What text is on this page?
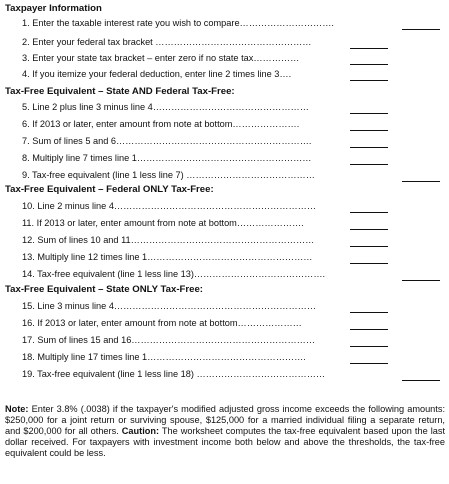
Taxpayer Information
1. Enter the taxable interest rate you wish to compare………………………….
2. Enter your federal tax bracket ……………………………………………
3. Enter your state tax bracket – enter zero if no state tax……………
4. If you itemize your federal deduction, enter line 2 times line 3….
Tax-Free Equivalent – State AND Federal Tax-Free:
5. Line 2 plus line 3 minus line 4……………………………………………
6. If 2013 or later, enter amount from note at bottom………………….
7. Sum of lines 5 and 6……………………………………………………….
8. Multiply line 7 times line 1…………………………………………………
9. Tax-free equivalent (line 1 less line 7) ……………………………………
Tax-Free Equivalent – Federal ONLY Tax-Free:
10. Line 2 minus line 4…………………………………………………………
11. If 2013 or later, enter amount from note at bottom………………….
12. Sum of lines 10 and 11……………………………………………………
13. Multiply line 12 times line 1………………………………………………
14. Tax-free equivalent (line 1 less line 13)…………………………………….
Tax-Free Equivalent – State ONLY Tax-Free:
15. Line 3 minus line 4…………………………………………………………
16. If 2013 or later, enter amount from note at bottom…………………
17. Sum of lines 15 and 16……………………………………………………
18. Multiply line 17 times line 1…………………………………………….
19. Tax-free equivalent (line 1 less line 18) ……………………………………
Note: Enter 3.8% (.0038) if the taxpayer's modified adjusted gross income exceeds the following amounts: $250,000 for a joint return or surviving spouse, $125,000 for a married individual filing a separate return, and $200,000 for all others. Caution: The worksheet computes the tax-free equivalent based upon the last dollar received. For taxpayers with investment income both below and above the thresholds, the tax-free equivalent could be less.
